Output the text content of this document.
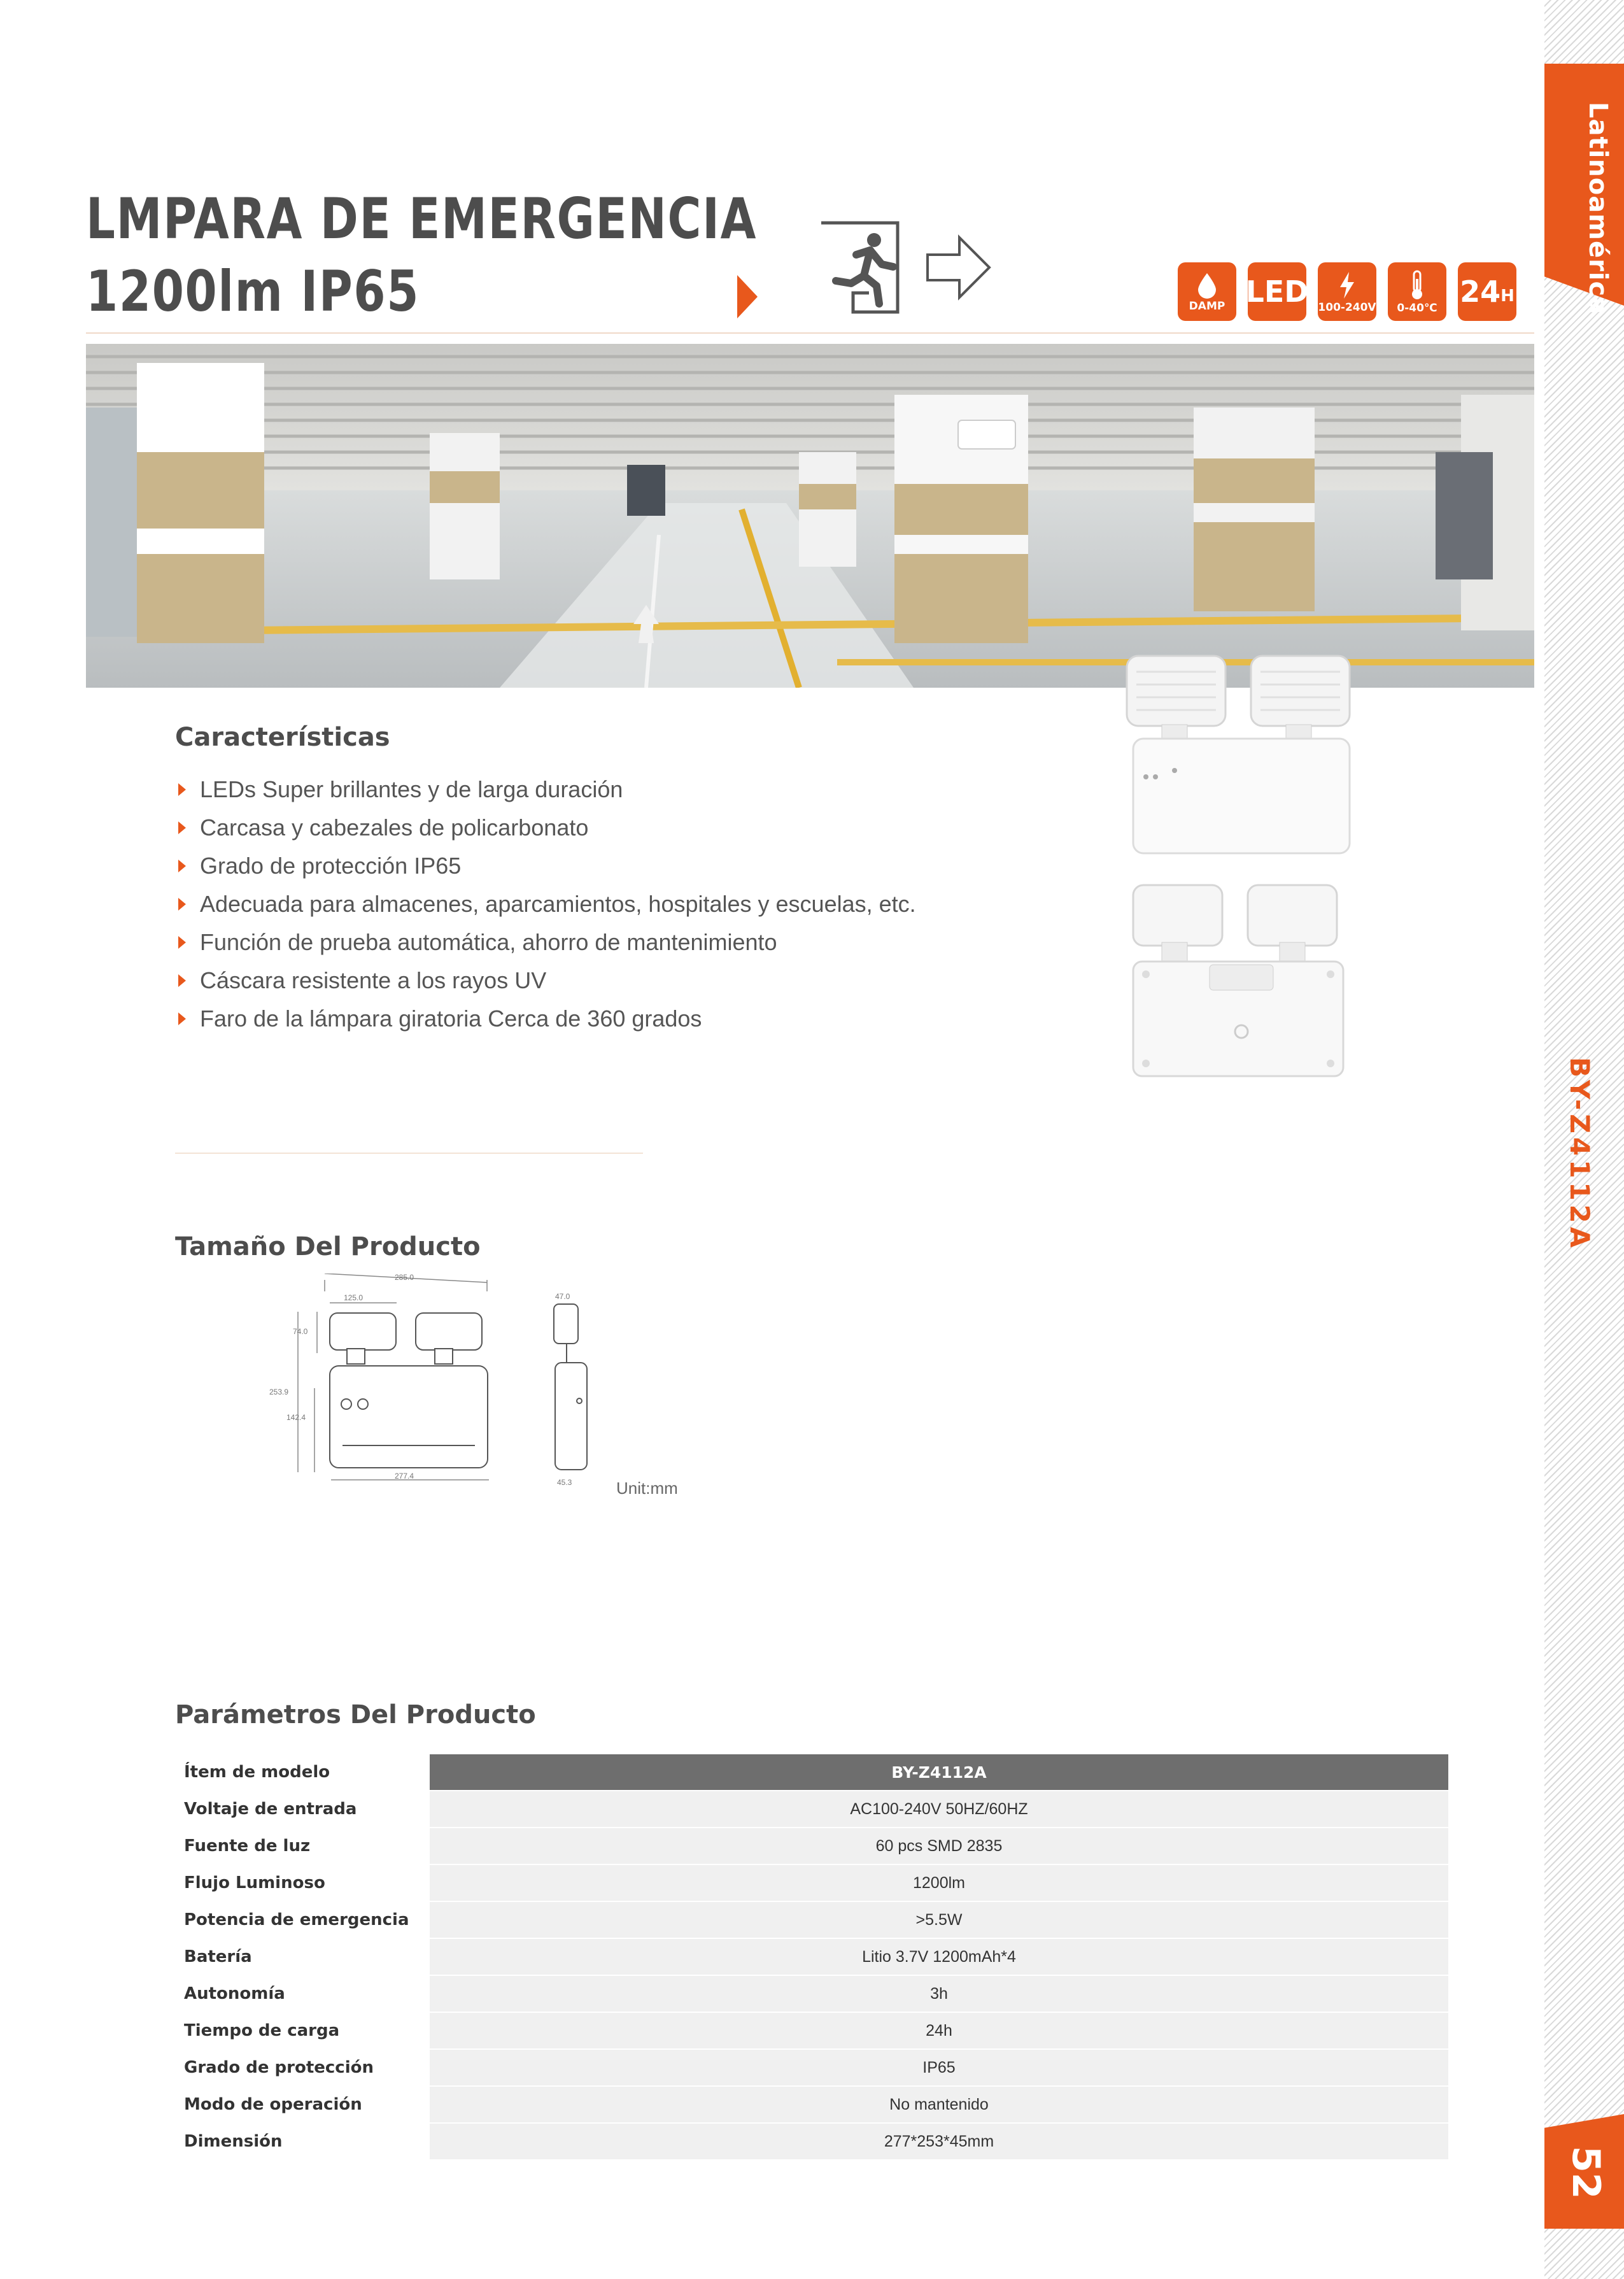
Latinoamérica
BY-Z4112A
52
LMPARA DE EMERGENCIA
1200lm IP65	DAMP LED 100-240V 0-40℃ 24 H
Características
LEDs Super brillantes y de larga duración
Carcasa y cabezales de policarbonato
Grado de protección IP65
Adecuada para almacenes, aparcamientos, hospitales y escuelas, etc.
Función de prueba automática, ahorro de mantenimiento
Cáscara resistente a los rayos UV
Faro de la lámpara giratoria Cerca de 360 grados
Tamaño Del Producto
285.0
125.0
74.0
253.9
142.4
277.4
47.0
45.3	Unit:mm
Parámetros Del Producto
Ítem de modelo	BY-Z4112A
Voltaje de entrada	AC100-240V 50HZ/60HZ
Fuente de luz	60 pcs SMD 2835
Flujo Luminoso	1200lm
Potencia de emergencia	>5.5W
Batería	Litio 3.7V 1200mAh*4
Autonomía	3h
Tiempo de carga	24h
Grado de protección	IP65
Modo de operación	No mantenido
Dimensión	277*253*45mm
